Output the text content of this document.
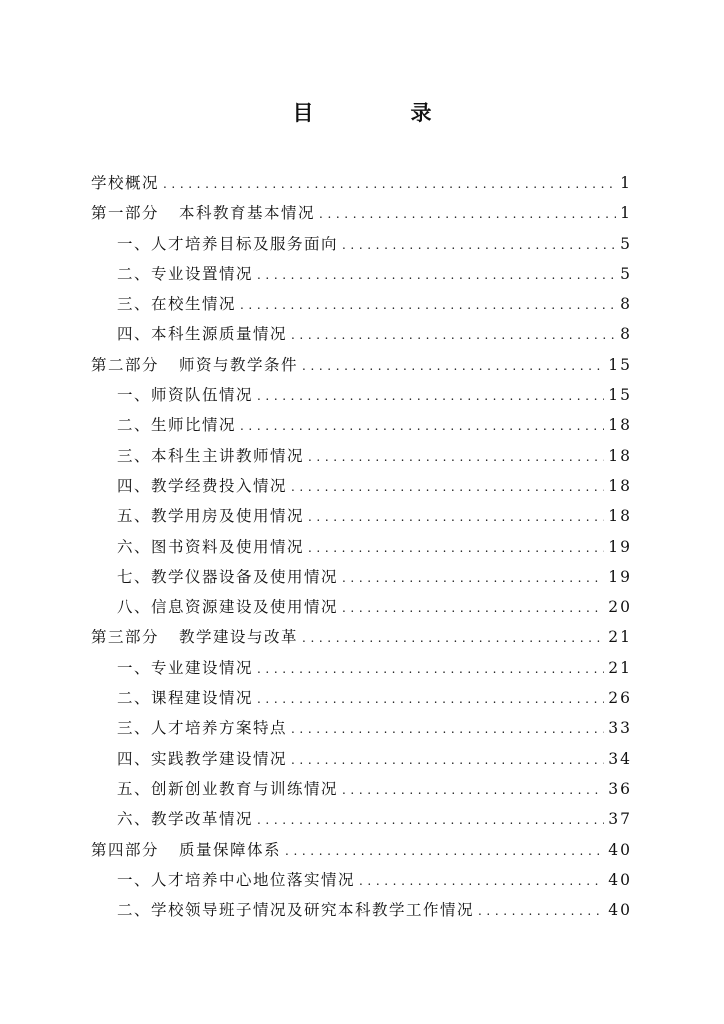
目　录
学校概况 .....	1
第一部分 本科教育基本情况 .....	1
一、人才培养目标及服务面向 .....	5
二、专业设置情况 .....	5
三、在校生情况 .....	8
四、本科生源质量情况 .....	8
第二部分 师资与教学条件 .....	15
一、师资队伍情况 .....	15
二、生师比情况 .....	18
三、本科生主讲教师情况 .....	18
四、教学经费投入情况 .....	18
五、教学用房及使用情况 .....	18
六、图书资料及使用情况 .....	19
七、教学仪器设备及使用情况 .....	19
八、信息资源建设及使用情况 .....	20
第三部分 教学建设与改革 .....	21
一、专业建设情况 .....	21
二、课程建设情况 .....	26
三、人才培养方案特点 .....	33
四、实践教学建设情况 .....	34
五、创新创业教育与训练情况 .....	36
六、教学改革情况 .....	37
第四部分 质量保障体系 .....	40
一、人才培养中心地位落实情况 .....	40
二、学校领导班子情况及研究本科教学工作情况 .....	40
